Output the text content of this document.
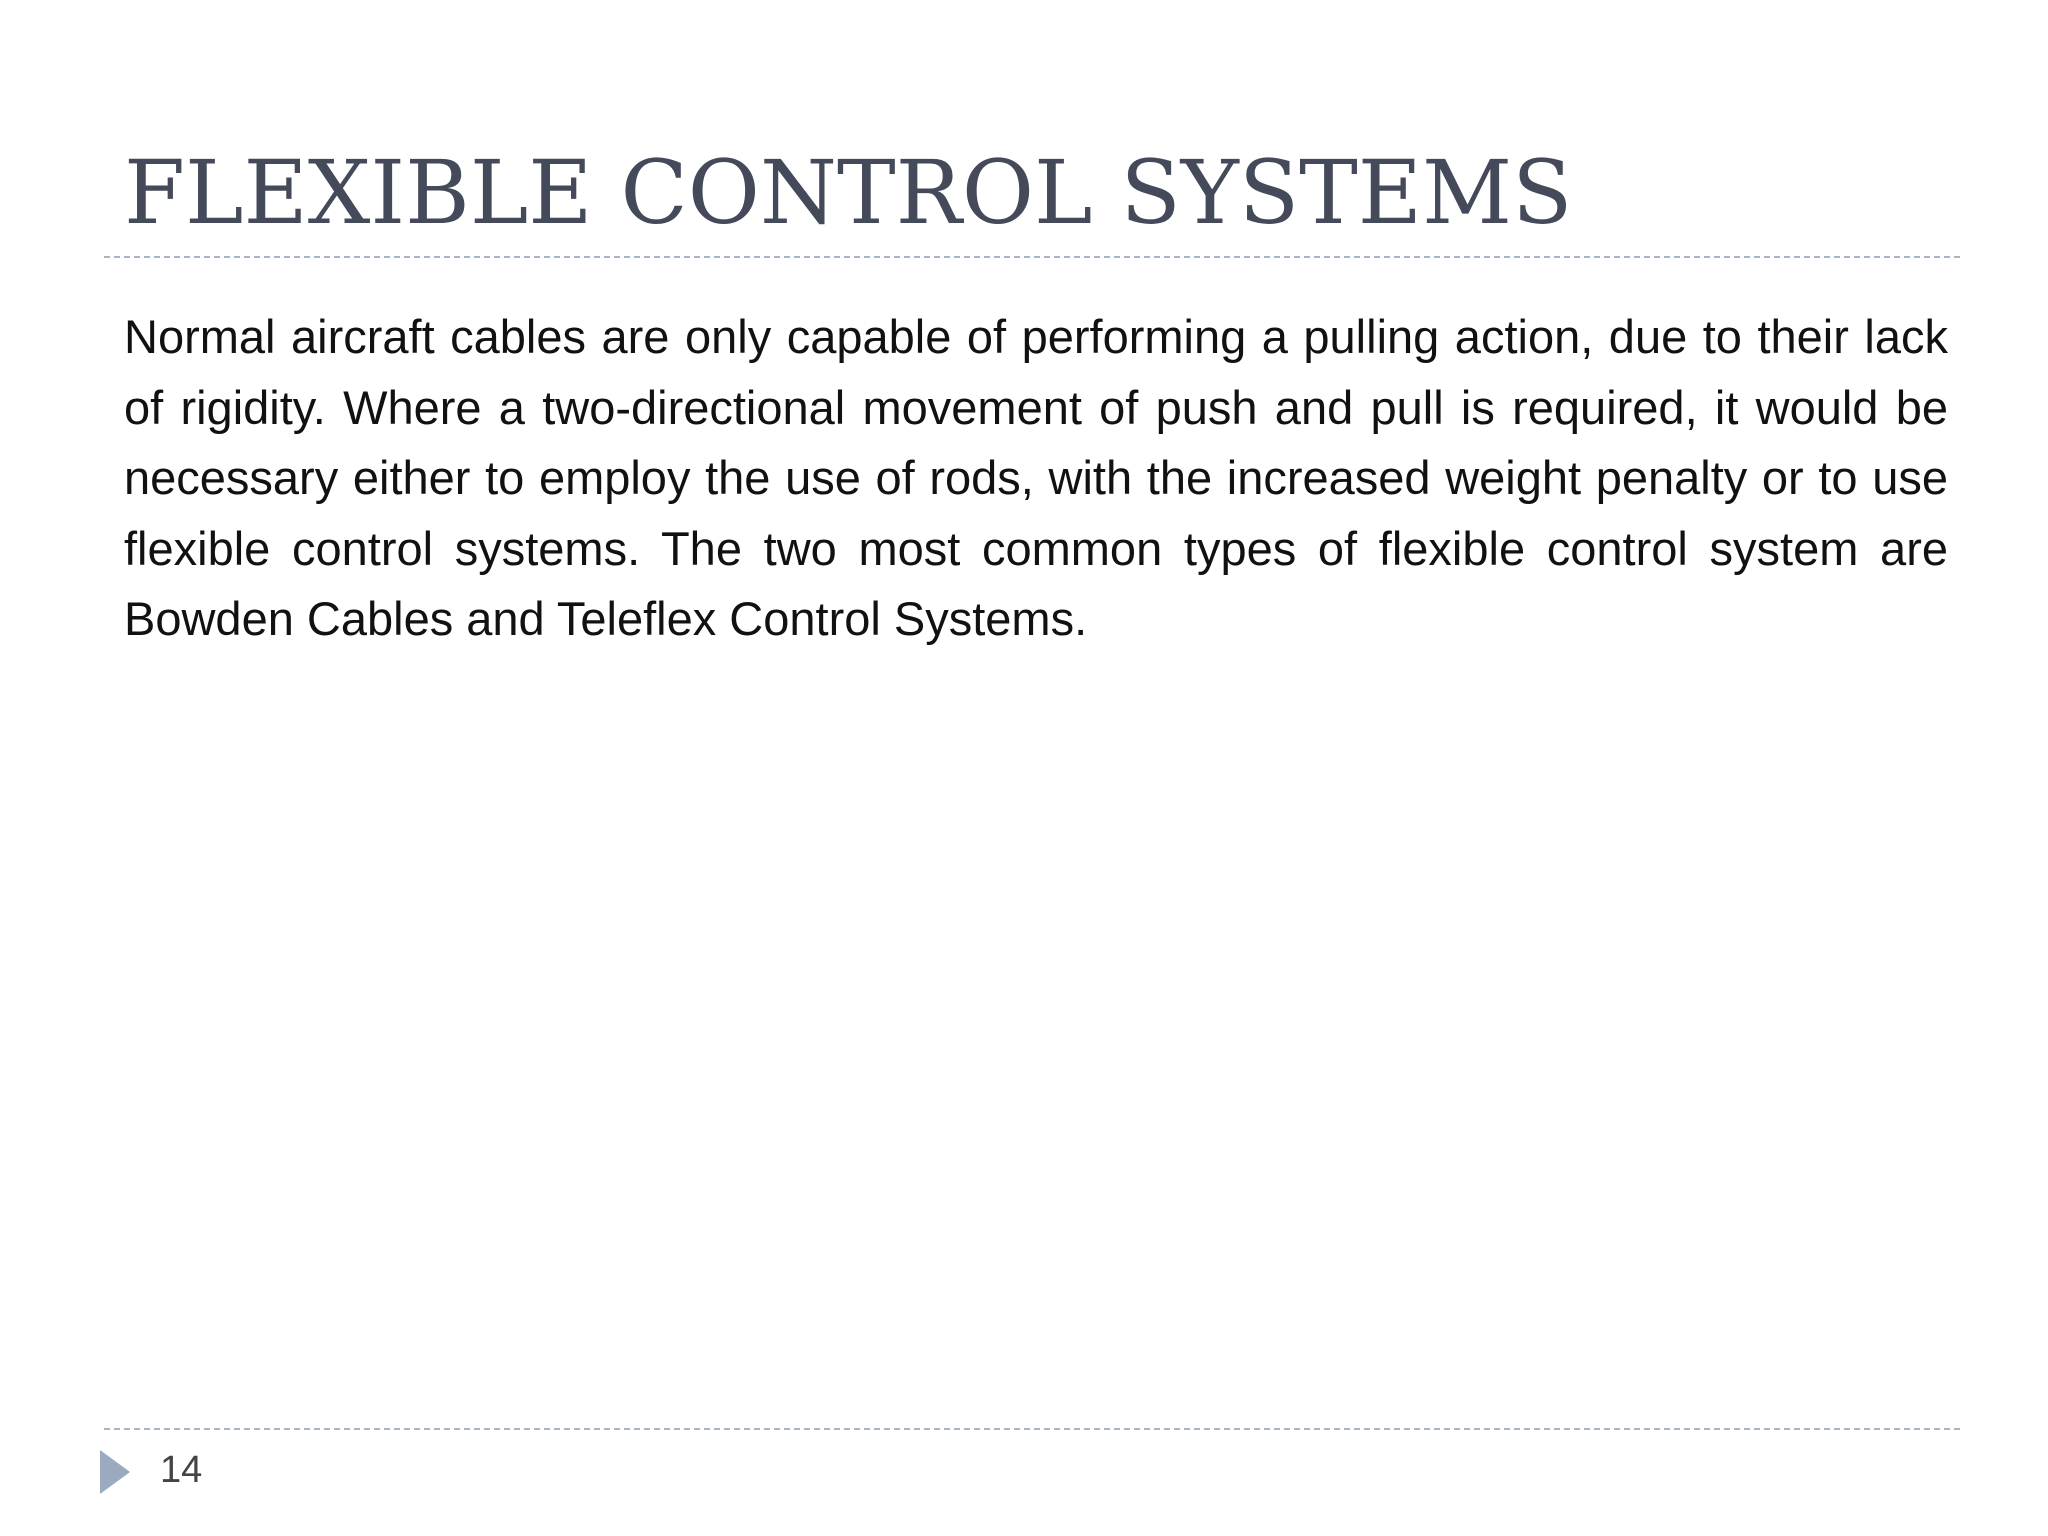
FLEXIBLE CONTROL SYSTEMS

Normal aircraft cables are only capable of performing a pulling action, due to their lack of rigidity. Where a two-directional movement of push and pull is required, it would be necessary either to employ the use of rods, with the increased weight penalty or to use flexible control systems. The two most common types of flexible control system are Bowden Cables and Teleflex Control Systems.

14
